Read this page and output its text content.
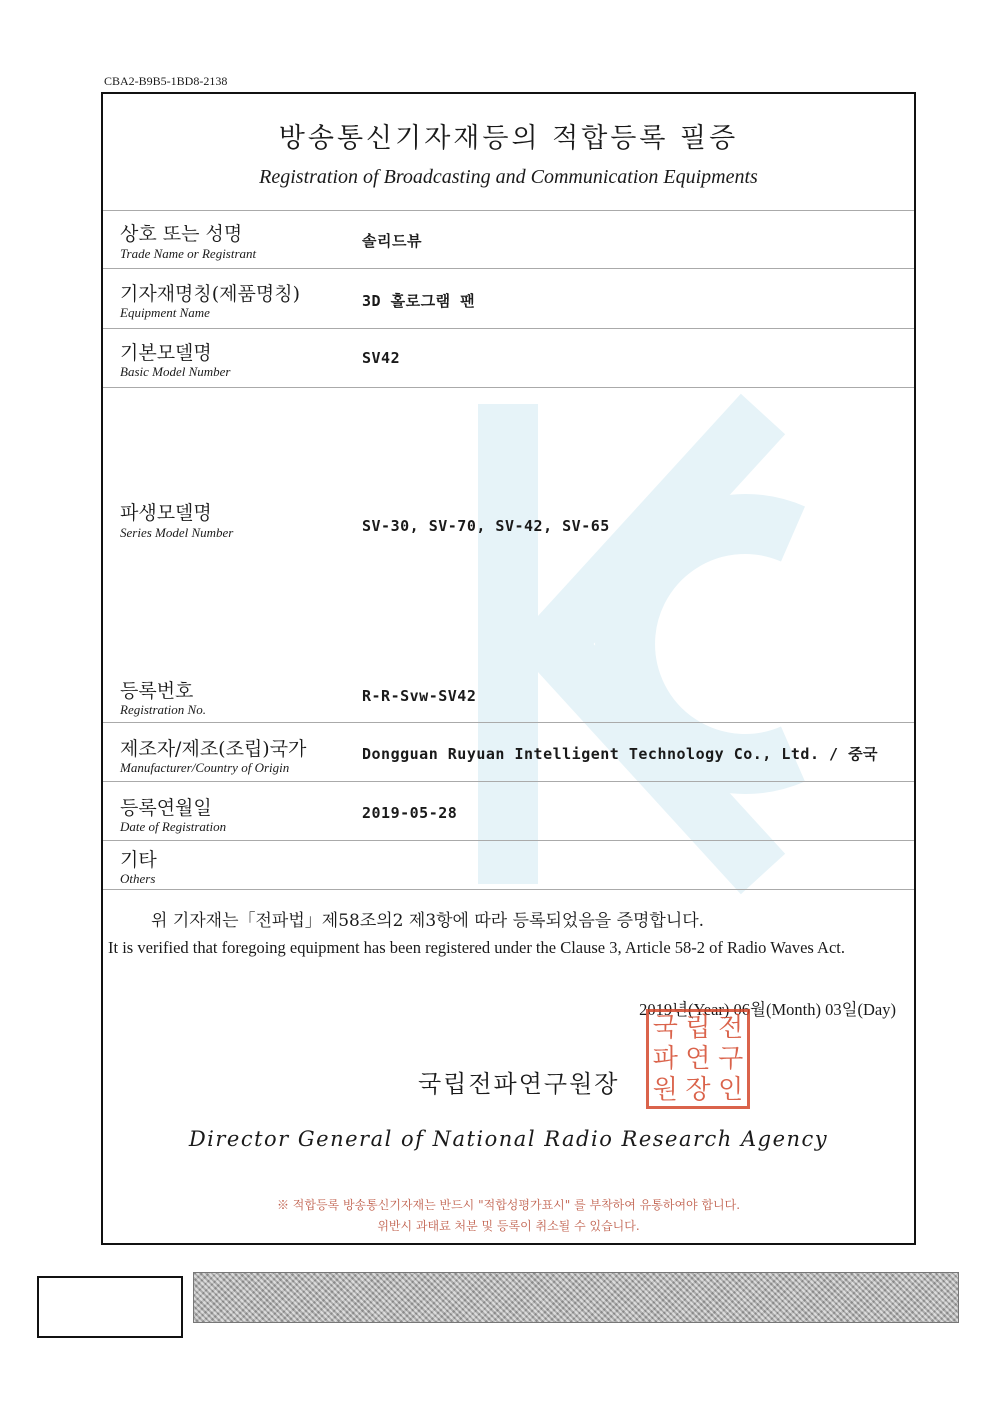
CBA2-B9B5-1BD8-2138
방송통신기자재등의 적합등록 필증
Registration of Broadcasting and Communication Equipments
상호 또는 성명
Trade Name or Registrant
솔리드뷰
기자재명칭(제품명칭)
Equipment Name
3D 홀로그램 팬
기본모델명
Basic Model Number
SV42
파생모델명
Series Model Number	SV-30, SV-70, SV-42, SV-65
등록번호
Registration No.
R-R-Svw-SV42
제조자/제조(조립)국가
Manufacturer/Country of Origin
Dongguan Ruyuan Intelligent Technology Co., Ltd. / 중국
등록연월일
Date of Registration
2019-05-28
기타
Others
위 기자재는「전파법」제58조의2 제3항에 따라 등록되었음을 증명합니다.
It is verified that foregoing equipment has been registered under the Clause 3, Article 58-2 of Radio Waves Act.
2019년(Year) 06월(Month) 03일(Day)
국립전파연구원장
국 립 전
파 연 구
원 장 인
Director General of National Radio Research Agency
※ 적합등록 방송통신기자재는 반드시 "적합성평가표시" 를 부착하여 유통하여야 합니다.
위반시 과태료 처분 및 등록이 취소될 수 있습니다.
